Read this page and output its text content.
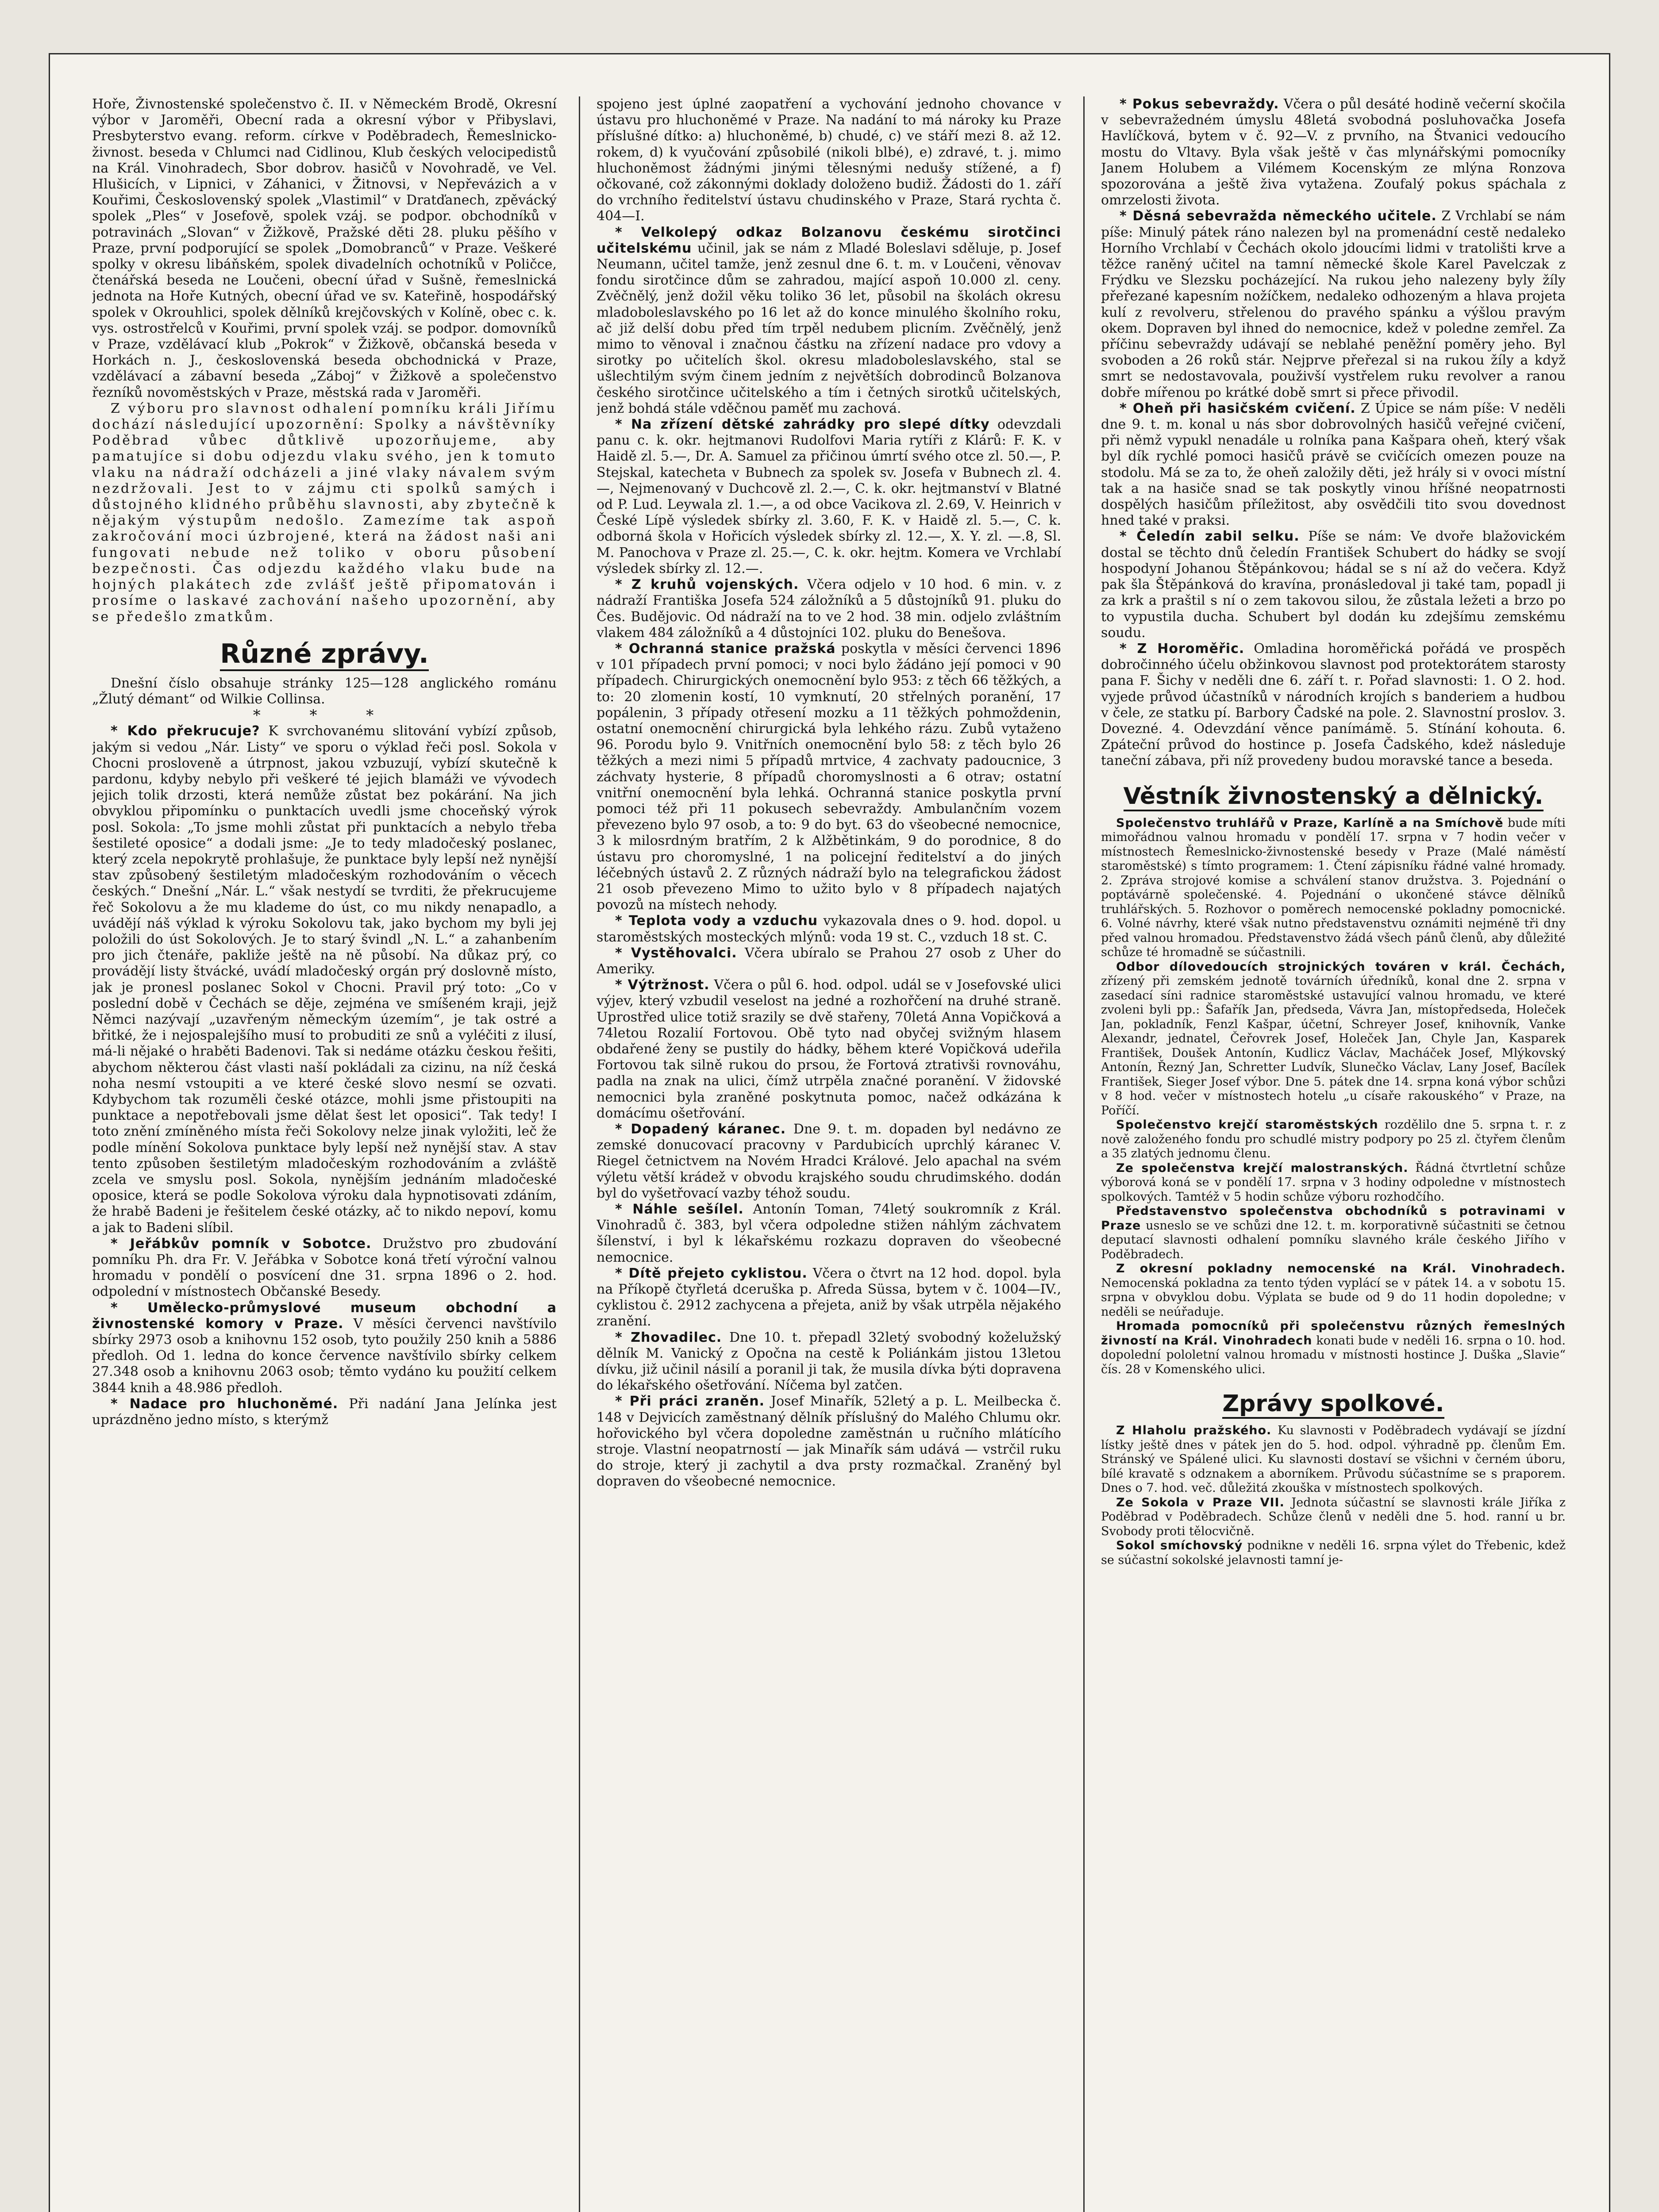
Hoře, Živnostenské společenstvo č. II. v Německém Brodě, Okresní výbor v Jaroměři, Obecní rada a okresní výbor v Přibyslavi, Presbyterstvo evang. reform. církve v Poděbradech, Řemeslnicko-živnost. beseda v Chlumci nad Cidlinou, Klub českých velocipedistů na Král. Vinohradech, Sbor dobrov. hasičů v Novohradě, ve Vel. Hlušicích, v Lipnici, v Záhanici, v Žitnovsi, v Nepřevázich a v Kouřimi, Československý spolek „Vlastimil“ v Dratďanech, zpěvácký spolek „Ples“ v Josefově, spolek vzáj. se podpor. obchodníků v potravinách „Slovan“ v Žižkově, Pražské děti 28. pluku pěšího v Praze, první podporující se spolek „Domobranců“ v Praze. Veškeré spolky v okresu libáňském, spolek divadelních ochotníků v Poličce, čtenářská beseda ne Loučeni, obecní úřad v Sušně, řemeslnická jednota na Hoře Kutných, obecní úřad ve sv. Kateřině, hospodářský spolek v Okrouhlici, spolek dělníků krejčovských v Kolíně, obec c. k. vys. ostrostřelců v Kouřimi, první spolek vzáj. se podpor. domovníků v Praze, vzdělávací klub „Pokrok“ v Žižkově, občanská beseda v Horkách n. J., československá beseda obchodnická v Praze, vzdělávací a zábavní beseda „Záboj“ v Žižkově a společenstvo řezníků novoměstských v Praze, městská rada v Jaroměři.

Z výboru pro slavnost odhalení pomníku králi Jiřímu dochází následující upozornění: Spolky a návštěvníky Poděbrad vůbec důtklivě upozorňujeme, aby pamatujíce si dobu odjezdu vlaku svého, jen k tomuto vlaku na nádraží odcházeli a jiné vlaky návalem svým nezdržovali. Jest to v zájmu cti spolků samých i důstojného klidného průběhu slavnosti, aby zbytečně k nějakým výstupům nedošlo. Zamezíme tak aspoň zakročování moci úzbrojené, která na žádost naši ani fungovati nebude než toliko v oboru působení bezpečnosti. Čas odjezdu každého vlaku bude na hojných plakátech zde zvlášť ještě připomatován i prosíme o laskavé zachování našeho upozornění, aby se předešlo zmatkům.

Různé zprávy.

Dnešní číslo obsahuje stránky 125—128 anglického románu „Žlutý démant“ od Wilkie Collinsa.

* * *

* Kdo překrucuje? K svrchovanému slitování vybízí způsob, jakým si vedou „Nár. Listy“ ve sporu o výklad řeči posl. Sokola v Chocni prosloveně a útrpnost, jakou vzbuzují, vybízí skutečně k pardonu, kdyby nebylo při veškeré té jejich blamáži ve vývodech jejich tolik drzosti, která nemůže zůstat bez pokárání. Na jich obvyklou připomínku o punktacích uvedli jsme choceňský výrok posl. Sokola: „To jsme mohli zůstat při punktacích a nebylo třeba šestileté oposice“ a dodali jsme: „Je to tedy mladočeský poslanec, který zcela nepokrytě prohlašuje, že punktace byly lepší než nynější stav způsobený šestiletým mladočeským rozhodováním o věcech českých.“ Dnešní „Nár. L.“ však nestydí se tvrditi, že překrucujeme řeč Sokolovu a že mu klademe do úst, co mu nikdy nenapadlo, a uvádějí náš výklad k výroku Sokolovu tak, jako bychom my byli jej položili do úst Sokolových. Je to starý švindl „N. L.“ a zahanbením pro jich čtenáře, pakliže ještě na ně působí. Na důkaz prý, co provádějí listy štvácké, uvádí mladočeský orgán prý doslovně místo, jak je pronesl poslanec Sokol v Chocni. Pravil prý toto: „Co v poslední době v Čechách se děje, zejména ve smíšeném kraji, jejž Němci nazývají „uzavřeným německým územím“, je tak ostré a břitké, že i nejospalejšího musí to probuditi ze snů a vyléčiti z ilusí, má-li nějaké o hraběti Badenovi. Tak si nedáme otázku českou řešiti, abychom některou část vlasti naší pokládali za cizinu, na níž česká noha nesmí vstoupiti a ve které české slovo nesmí se ozvati. Kdybychom tak rozuměli české otázce, mohli jsme přistoupiti na punktace a nepotřebovali jsme dělat šest let oposici“. Tak tedy! I toto znění zmíněného místa řeči Sokolovy nelze jinak vyložiti, leč že podle mínění Sokolova punktace byly lepší než nynější stav. A stav tento způsoben šestiletým mladočeským rozhodováním a zvláště zcela ve smyslu posl. Sokola, nynějším jednáním mladočeské oposice, která se podle Sokolova výroku dala hypnotisovati zdáním, že hrabě Badeni je řešitelem české otázky, ač to nikdo nepoví, komu a jak to Badeni slíbil.

* Jeřábkův pomník v Sobotce. Družstvo pro zbudování pomníku Ph. dra Fr. V. Jeřábka v Sobotce koná třetí výroční valnou hromadu v pondělí o posvícení dne 31. srpna 1896 o 2. hod. odpolední v místnostech Občanské Besedy.

* Umělecko-průmyslové museum obchodní a živnostenské komory v Praze. V měsíci červenci navštívilo sbírky 2973 osob a knihovnu 152 osob, tyto použily 250 knih a 5886 předloh. Od 1. ledna do konce července navštívilo sbírky celkem 27.348 osob a knihovnu 2063 osob; těmto vydáno ku použití celkem 3844 knih a 48.986 předloh.

* Nadace pro hluchoněmé. Při nadání Jana Jelínka jest uprázdněno jedno místo, s kterýmž

spojeno jest úplné zaopatření a vychování jednoho chovance v ústavu pro hluchoněmé v Praze. Na nadání to má nároky ku Praze příslušné dítko: a) hluchoněmé, b) chudé, c) ve stáří mezi 8. až 12. rokem, d) k vyučování způsobilé (nikoli blbé), e) zdravé, t. j. mimo hluchoněmost žádnými jinými tělesnými nedušy stížené, a f) očkované, což zákonnými doklady doloženo budiž. Žádosti do 1. září do vrchního ředitelství ústavu chudinského v Praze, Stará rychta č. 404—I.

* Velkolepý odkaz Bolzanovu českému sirotčinci učitelskému učinil, jak se nám z Mladé Boleslavi sděluje, p. Josef Neumann, učitel tamže, jenž zesnul dne 6. t. m. v Loučeni, věnovav fondu sirotčince dům se zahradou, mající aspoň 10.000 zl. ceny. Zvěčnělý, jenž dožil věku toliko 36 let, působil na školách okresu mladoboleslavského po 16 let až do konce minulého školního roku, ač již delší dobu před tím trpěl nedubem plicním. Zvěčnělý, jenž mimo to věnoval i značnou částku na zřízení nadace pro vdovy a sirotky po učitelích škol. okresu mladoboleslavského, stal se ušlechtilým svým činem jedním z největších dobrodinců Bolzanova českého sirotčince učitelského a tím i četných sirotků učitelských, jenž bohdá stále vděčnou paměť mu zachová.

* Na zřízení dětské zahrádky pro slepé dítky odevzdali panu c. k. okr. hejtmanovi Rudolfovi Maria rytíři z Klárů: F. K. v Haidě zl. 5.—, Dr. A. Samuel za přičinou úmrtí svého otce zl. 50.—, P. Stejskal, katecheta v Bubnech za spolek sv. Josefa v Bubnech zl. 4.—, Nejmenovaný v Duchcově zl. 2.—, C. k. okr. hejtmanství v Blatné od P. Lud. Leywala zl. 1.—, a od obce Vacikova zl. 2.69, V. Heinrich v České Lípě výsledek sbírky zl. 3.60, F. K. v Haidě zl. 5.—, C. k. odborná škola v Hořicích výsledek sbírky zl. 12.—, X. Y. zl. —.8, Sl. M. Panochova v Praze zl. 25.—, C. k. okr. hejtm. Komera ve Vrchlabí výsledek sbírky zl. 12.—.

* Z kruhů vojenských. Včera odjelo v 10 hod. 6 min. v. z nádraží Františka Josefa 524 záložníků a 5 důstojníků 91. pluku do Čes. Budějovic. Od nádraží na to ve 2 hod. 38 min. odjelo zvláštním vlakem 484 záložníků a 4 důstojníci 102. pluku do Benešova.

* Ochranná stanice pražská poskytla v měsíci červenci 1896 v 101 případech první pomoci; v noci bylo žádáno její pomoci v 90 případech. Chirurgických onemocnění bylo 953: z těch 66 těžkých, a to: 20 zlomenin kostí, 10 vymknutí, 20 střelných poranění, 17 popálenin, 3 případy otřesení mozku a 11 těžkých pohmoždenin, ostatní onemocnění chirurgická byla lehkého rázu. Zubů vytaženo 96. Porodu bylo 9. Vnitřních onemocnění bylo 58: z těch bylo 26 těžkých a mezi nimi 5 případů mrtvice, 4 zachvaty padoucnice, 3 záchvaty hysterie, 8 případů choromyslnosti a 6 otrav; ostatní vnitřní onemocnění byla lehká. Ochranná stanice poskytla první pomoci též při 11 pokusech sebevraždy. Ambulančním vozem převezeno bylo 97 osob, a to: 9 do byt. 63 do všeobecné nemocnice, 3 k milosrdným bratřím, 2 k Alžbětinkám, 9 do porodnice, 8 do ústavu pro choromyslné, 1 na policejní ředitelství a do jiných léčebných ústavů 2. Z různých nádraží bylo na telegrafickou žádost 21 osob převezeno Mimo to užito bylo v 8 případech najatých povozů na místech nehody.

* Teplota vody a vzduchu vykazovala dnes o 9. hod. dopol. u staroměstských mosteckých mlýnů: voda 19 st. C., vzduch 18 st. C.

* Vystěhovalci. Včera ubíralo se Prahou 27 osob z Uher do Ameriky.

* Výtržnost. Včera o půl 6. hod. odpol. udál se v Josefovské ulici výjev, který vzbudil veselost na jedné a rozhořčení na druhé straně. Uprostřed ulice totiž srazily se dvě stařeny, 70letá Anna Vopičková a 74letou Rozalií Fortovou. Obě tyto nad obyčej svižným hlasem obdařené ženy se pustily do hádky, během které Vopičková udeřila Fortovou tak silně rukou do prsou, že Fortová ztrativši rovnováhu, padla na znak na ulici, čímž utrpěla značné poranění. V židovské nemocnici byla zraněné poskytnuta pomoc, načež odkázána k domácímu ošetřování.

* Dopadený káranec. Dne 9. t. m. dopaden byl nedávno ze zemské donucovací pracovny v Pardubicích uprchlý káranec V. Riegel četnictvem na Novém Hradci Králové. Jelo apachal na svém výletu větší krádež v obvodu krajského soudu chrudimského. dodán byl do vyšetřovací vazby téhož soudu.

* Náhle sešílel. Antonín Toman, 74letý soukromník z Král. Vinohradů č. 383, byl včera odpoledne stižen náhlým záchvatem šílenství, i byl k lékařskému rozkazu dopraven do všeobecné nemocnice.

* Dítě přejeto cyklistou. Včera o čtvrt na 12 hod. dopol. byla na Příkopě čtyřletá dceruška p. Afreda Süssa, bytem v č. 1004—IV., cyklistou č. 2912 zachycena a přejeta, aniž by však utrpěla nějakého zranění.

* Zhovadilec. Dne 10. t. přepadl 32letý svobodný koželužský dělník M. Vanický z Opočna na cestě k Poliánkám jistou 13letou dívku, již učinil násilí a poranil ji tak, že musila dívka býti dopravena do lékařského ošetřování. Níčema byl zatčen.

* Při práci zraněn. Josef Minařík, 52letý a p. L. Meilbecka č. 148 v Dejvicích zaměstnaný dělník příslušný do Malého Chlumu okr. hořovického byl včera dopoledne zaměstnán u ručního mlátícího stroje. Vlastní neopatrností — jak Minařík sám udává — vstrčil ruku do stroje, který ji zachytil a dva prsty rozmačkal. Zraněný byl dopraven do všeobecné nemocnice.

* Pokus sebevraždy. Včera o půl desáté hodině večerní skočila v sebevražedném úmyslu 48letá svobodná posluhovačka Josefa Havlíčková, bytem v č. 92—V. z prvního, na Štvanici vedoucího mostu do Vltavy. Byla však ještě v čas mlynářskými pomocníky Janem Holubem a Vilémem Kocenským ze mlýna Ronzova spozorována a ještě živa vytažena. Zoufalý pokus spáchala z omrzelosti života.

* Děsná sebevražda německého učitele. Z Vrchlabí se nám píše: Minulý pátek ráno nalezen byl na promenádní cestě nedaleko Horního Vrchlabí v Čechách okolo jdoucími lidmi v tratolišti krve a těžce raněný učitel na tamní německé škole Karel Pavelczak z Frýdku ve Slezsku pocházející. Na rukou jeho nalezeny byly žíly přeřezané kapesním nožíčkem, nedaleko odhozeným a hlava projeta kulí z revolveru, střelenou do pravého spánku a výšlou pravým okem. Dopraven byl ihned do nemocnice, kdež v poledne zemřel. Za příčinu sebevraždy udávají se neblahé peněžní poměry jeho. Byl svoboden a 26 roků stár. Nejprve přeřezal si na rukou žíly a když smrt se nedostavovala, použivší vystřelem ruku revolver a ranou dobře mířenou po krátké době smrt si přece přivodil.

* Oheň při hasičském cvičení. Z Úpice se nám píše: V neděli dne 9. t. m. konal u nás sbor dobrovolných hasičů veřejné cvičení, při němž vypukl nenadále u rolníka pana Kašpara oheň, který však byl dík rychlé pomoci hasičů právě se cvičících omezen pouze na stodolu. Má se za to, že oheň založily děti, jež hrály si v ovoci místní tak a na hasiče snad se tak poskytly vinou hříšné neopatrnosti dospělých hasičům příležitost, aby osvědčili tito svou dovednost hned také v praksi.

* Čeledín zabil selku. Píše se nám: Ve dvoře blažovickém dostal se těchto dnů čeledín František Schubert do hádky se svojí hospodyní Johanou Štěpánkovou; hádal se s ní až do večera. Když pak šla Štěpánková do kravína, pronásledoval ji také tam, popadl ji za krk a praštil s ní o zem takovou silou, že zůstala ležeti a brzo po to vypustila ducha. Schubert byl dodán ku zdejšímu zemskému soudu.

* Z Horoměřic. Omladina horoměřická pořádá ve prospěch dobročinného účelu obžinkovou slavnost pod protektorátem starosty pana F. Šichy v neděli dne 6. září t. r. Pořad slavnosti: 1. O 2. hod. vyjede průvod účastníků v národních krojích s banderiem a hudbou v čele, ze statku pí. Barbory Čadské na pole. 2. Slavnostní proslov. 3. Dovezné. 4. Odevzdání věnce panímámě. 5. Stínání kohouta. 6. Zpáteční průvod do hostince p. Josefa Čadského, kdež následuje taneční zábava, při níž provedeny budou moravské tance a beseda.

Věstník živnostenský a dělnický.

Společenstvo truhlářů v Praze, Karlíně a na Smíchově bude míti mimořádnou valnou hromadu v pondělí 17. srpna v 7 hodin večer v místnostech Řemeslnicko-živnostenské besedy v Praze (Malé náměstí staroměstské) s tímto programem: 1. Čtení zápisníku řádné valné hromady. 2. Zpráva strojové komise a schválení stanov družstva. 3. Pojednání o poptávárně společenské. 4. Pojednání o ukončené stávce dělníků truhlářských. 5. Rozhovor o poměrech nemocenské pokladny pomocnické. 6. Volné návrhy, které však nutno představenstvu oznámiti nejméně tři dny před valnou hromadou. Představenstvo žádá všech pánů členů, aby důležité schůze té hromadně se súčastnili.

Odbor dílovedoucích strojnických továren v král. Čechách, zřízený při zemském jednotě továrních úředníků, konal dne 2. srpna v zasedací síni radnice staroměstské ustavující valnou hromadu, ve které zvoleni byli pp.: Šafařík Jan, předseda, Vávra Jan, místopředseda, Holeček Jan, pokladník, Fenzl Kašpar, účetní, Schreyer Josef, knihovník, Vanke Alexandr, jednatel, Čeřovrek Josef, Holeček Jan, Chyle Jan, Kasparek František, Doušek Antonín, Kudlicz Václav, Macháček Josef, Mlýkovský Antonín, Řezný Jan, Schretter Ludvík, Slunečko Václav, Lany Josef, Bacílek František, Sieger Josef výbor. Dne 5. pátek dne 14. srpna koná výbor schůzi v 8 hod. večer v místnostech hotelu „u císaře rakouského“ v Praze, na Poříčí.

Společenstvo krejčí staroměstských rozdělilo dne 5. srpna t. r. z nově založeného fondu pro schudlé mistry podpory po 25 zl. čtyřem členům a 35 zlatých jednomu členu.

Ze společenstva krejčí malostranských. Řádná čtvrtletní schůze výborová koná se v pondělí 17. srpna v 3 hodiny odpoledne v místnostech spolkových. Tamtéž v 5 hodin schůze výboru rozhodčího.

Představenstvo společenstva obchodníků s potravinami v Praze usneslo se ve schůzi dne 12. t. m. korporativně súčastniti se četnou deputací slavnosti odhalení pomníku slavného krále českého Jiřího v Poděbradech.

Z okresní pokladny nemocenské na Král. Vinohradech. Nemocenská pokladna za tento týden vyplácí se v pátek 14. a v sobotu 15. srpna v obvyklou dobu. Výplata se bude od 9 do 11 hodin dopoledne; v neděli se neúřaduje.

Hromada pomocníků při společenstvu různých řemeslných živností na Král. Vinohradech konati bude v neděli 16. srpna o 10. hod. dopolední pololetní valnou hromadu v místnosti hostince J. Duška „Slavie“ čís. 28 v Komenského ulici.

Zprávy spolkové.

Z Hlaholu pražského. Ku slavnosti v Poděbradech vydávají se jízdní lístky ještě dnes v pátek jen do 5. hod. odpol. výhradně pp. členům Em. Stránský ve Spálené ulici. Ku slavnosti dostaví se všichni v černém úboru, bílé kravatě s odznakem a aborníkem. Průvodu súčastníme se s praporem. Dnes o 7. hod. več. důležitá zkouška v místnostech spolkových.

Ze Sokola v Praze VII. Jednota súčastní se slavnosti krále Jiříka z Poděbrad v Poděbradech. Schůze členů v neděli dne 5. hod. ranní u br. Svobody proti tělocvičně.

Sokol smíchovský podnikne v neděli 16. srpna výlet do Třebenic, kdež se súčastní sokolské jelavnosti tamní je-
